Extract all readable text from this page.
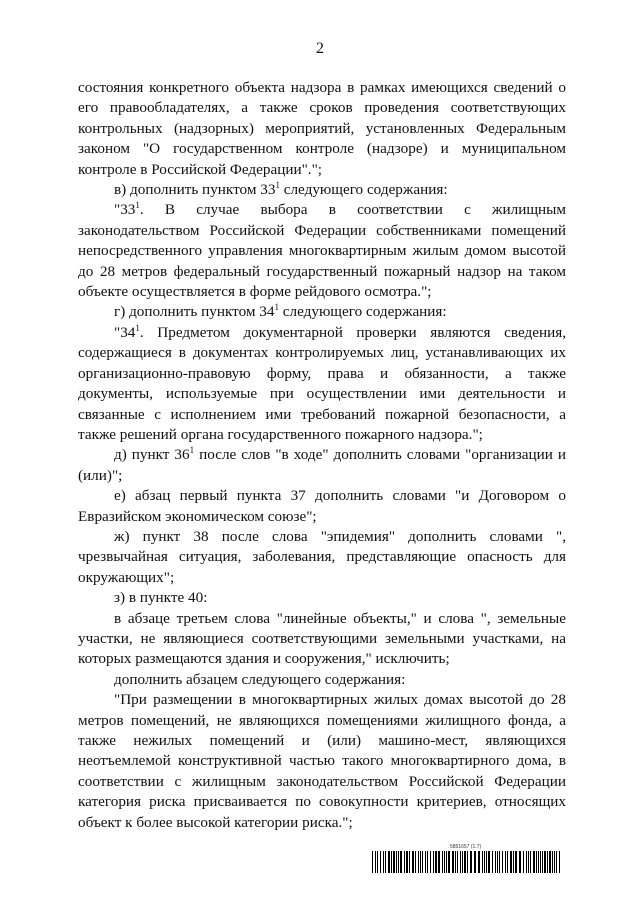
2

состояния конкретного объекта надзора в рамках имеющихся сведений о его правообладателях, а также сроков проведения соответствующих контрольных (надзорных) мероприятий, установленных Федеральным законом "О государственном контроле (надзоре) и муниципальном контроле в Российской Федерации".";

в) дополнить пунктом $33^1$ следующего содержания:

"$33^1$. В случае выбора в соответствии с жилищным законодательством Российской Федерации собственниками помещений непосредственного управления многоквартирным жилым домом высотой до 28 метров федеральный государственный пожарный надзор на таком объекте осуществляется в форме рейдового осмотра.";

г) дополнить пунктом $34^1$ следующего содержания:

"$34^1$. Предметом документарной проверки являются сведения, содержащиеся в документах контролируемых лиц, устанавливающих их организационно-правовую форму, права и обязанности, а также документы, используемые при осуществлении ими деятельности и связанные с исполнением ими требований пожарной безопасности, а также решений органа государственного пожарного надзора.";

д) пункт $36^1$ после слов "в ходе" дополнить словами "организации и (или)";

е) абзац первый пункта 37 дополнить словами "и Договором о Евразийском экономическом союзе";

ж) пункт 38 после слова "эпидемия" дополнить словами ", чрезвычайная ситуация, заболевания, представляющие опасность для окружающих";

з) в пункте 40:

в абзаце третьем слова "линейные объекты," и слова ", земельные участки, не являющиеся соответствующими земельными участками, на которых размещаются здания и сооружения," исключить;

дополнить абзацем следующего содержания:

"При размещении в многоквартирных жилых домах высотой до 28 метров помещений, не являющихся помещениями жилищного фонда, а также нежилых помещений и (или) машино-мест, являющихся неотъемлемой конструктивной частью такого многоквартирного дома, в соответствии с жилищным законодательством Российской Федерации категория риска присваивается по совокупности критериев, относящих объект к более высокой категории риска.";

5851657 (1.7)
